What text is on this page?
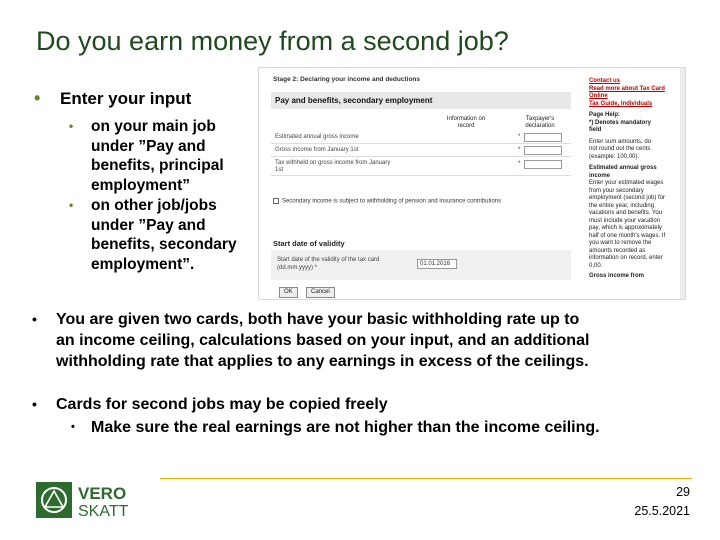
Do you earn money from a second job?
• Enter your input
• on your main job
under ”Pay and
benefits, principal
employment”
• on other job/jobs
under ”Pay and
benefits, secondary
employment”.
Stage 2: Declaring your income and deductions
Pay and benefits, secondary employment
Information on
record
Taxpayer's
declaration
Estimated annual gross income	*
Gross income from January 1st	*
Tax withheld on gross income from January
1st
*
Secondary income is subject to withholding of pension and insurance contributions
Start date of validity
Start date of the validity of the tax card
(dd.mm.yyyy) *
01.01.2016
OK	Cancel
Contact us
Read more about Tax Card
Online
Tax Guide, Individuals
Page Help:
*) Denotes mandatory
field
Enter sum amounts, do
not round out the cents
(example: 100,00).
Estimated annual gross
income
Enter your estimated wages
from your secondary
employment (second job) for
the entire year, including
vacations and benefits. You
must include your vacation
pay, which is approximately
half of one month's wages. If
you want to remove the
amounts recorded as
information on record, enter
0,00.
Gross income from
• You are given two cards, both have your basic withholding rate up to
an income ceiling, calculations based on your input, and an additional
withholding rate that applies to any earnings in excess of the ceilings.
• Cards for second jobs may be copied freely
• Make sure the real earnings are not higher than the income ceiling.
VERO
SKATT
29
25.5.2021
